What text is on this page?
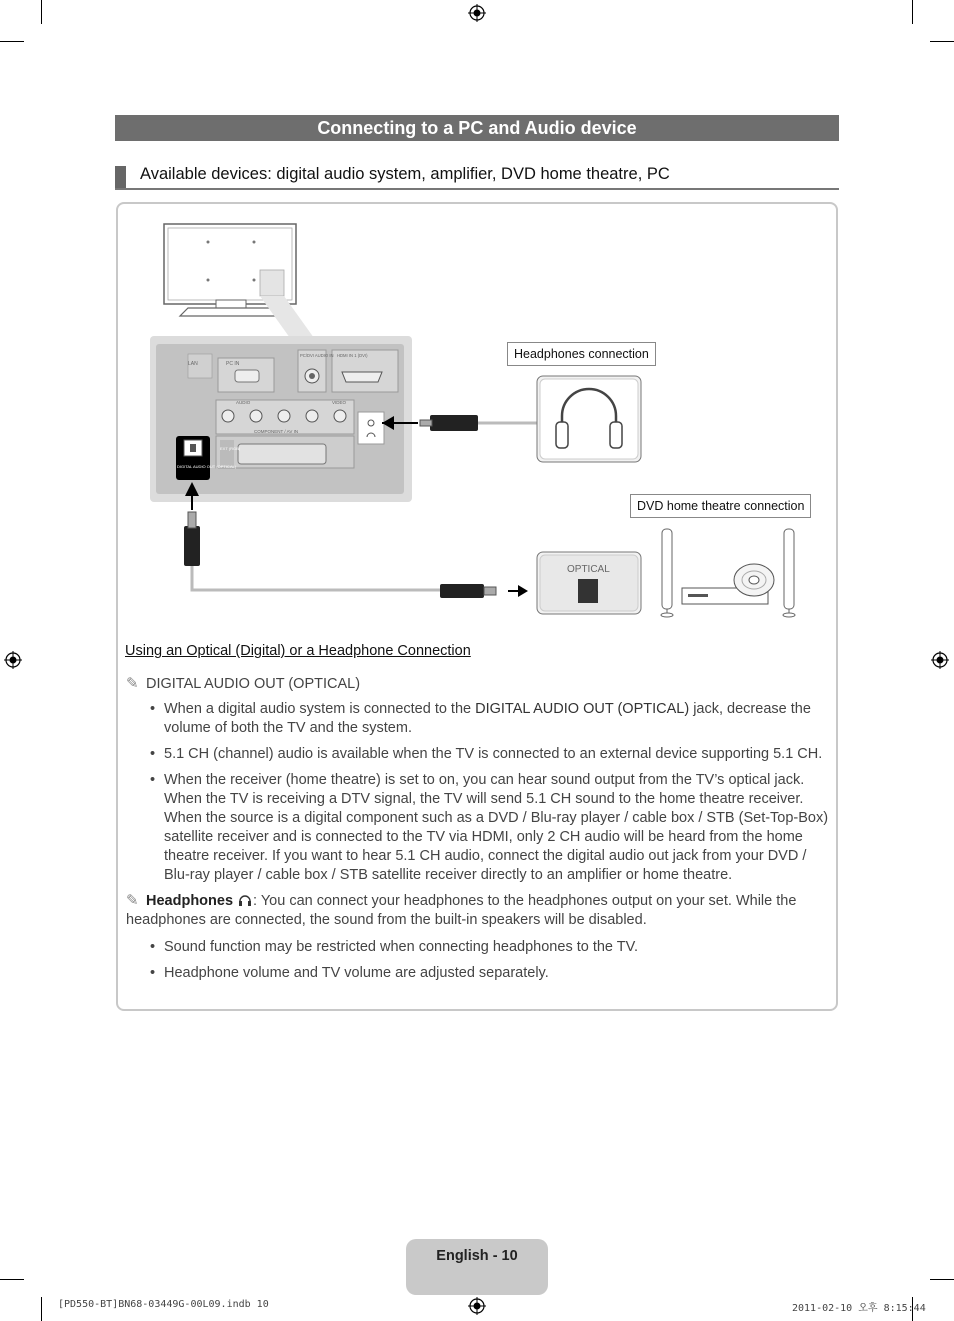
Connecting to a PC and Audio device
Available devices: digital audio system, amplifier, DVD home theatre, PC
LAN	PC IN
PC/DVI AUDIO IN HDMI IN 1 (DVI)
AUDIO	VIDEO
COMPONENT / AV IN
EXT (RGB)
DIGITAL AUDIO OUT (OPTICAL)
OPTICAL
Headphones connection
DVD home theatre connection
Using an Optical (Digital) or a Headphone Connection
✎ DIGITAL AUDIO OUT (OPTICAL)
• When a digital audio system is connected to the DIGITAL AUDIO OUT (OPTICAL) jack, decrease the volume of both the TV and the system.
• 5.1 CH (channel) audio is available when the TV is connected to an external device supporting 5.1 CH.
• When the receiver (home theatre) is set to on, you can hear sound output from the TV’s optical jack. When the TV is receiving a DTV signal, the TV will send 5.1 CH sound to the home theatre receiver. When the source is a digital component such as a DVD / Blu-ray player / cable box / STB (Set-Top-Box) satellite receiver and is connected to the TV via HDMI, only 2 CH audio will be heard from the home theatre receiver. If you want to hear 5.1 CH audio, connect the digital audio out jack from your DVD / Blu-ray player / cable box / STB satellite receiver directly to an amplifier or home theatre.
✎ Headphones : You can connect your headphones to the headphones output on your set. While the headphones are connected, the sound from the built-in speakers will be disabled.
• Sound function may be restricted when connecting headphones to the TV.
• Headphone volume and TV volume are adjusted separately.
English - 10
[PD550-BT]BN68-03449G-00L09.indb 10	2011-02-10 오후 8:15:44
